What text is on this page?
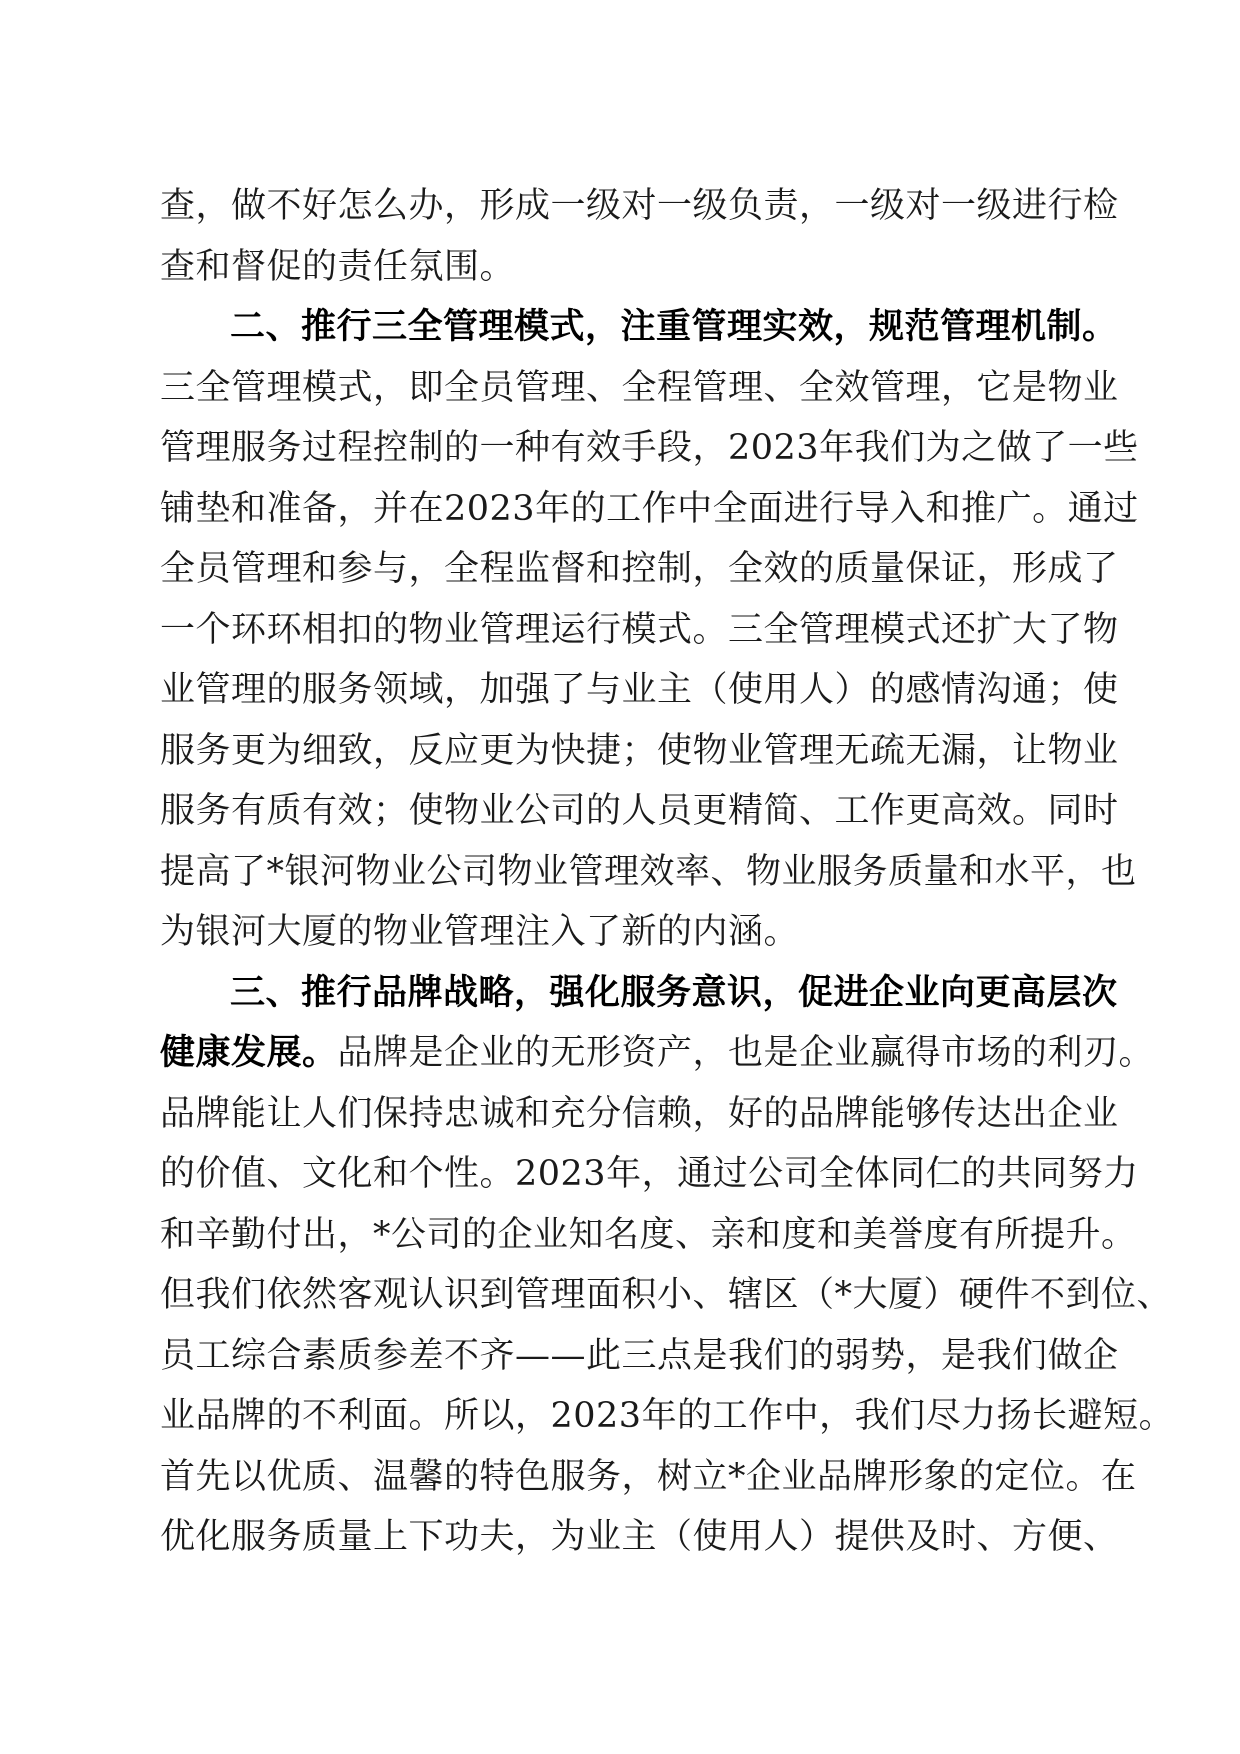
查，做不好怎么办，形成一级对一级负责，一级对一级进行检
查和督促的责任氛围。
二、推行三全管理模式，注重管理实效，规范管理机制。
三全管理模式，即全员管理、全程管理、全效管理，它是物业
管理服务过程控制的一种有效手段，2023年我们为之做了一些
铺垫和准备，并在2023年的工作中全面进行导入和推广。通过
全员管理和参与，全程监督和控制，全效的质量保证，形成了
一个环环相扣的物业管理运行模式。三全管理模式还扩大了物
业管理的服务领域，加强了与业主（使用人）的感情沟通；使
服务更为细致，反应更为快捷；使物业管理无疏无漏，让物业
服务有质有效；使物业公司的人员更精简、工作更高效。同时
提高了*银河物业公司物业管理效率、物业服务质量和水平，也
为银河大厦的物业管理注入了新的内涵。
三、推行品牌战略，强化服务意识，促进企业向更高层次
健康发展。品牌是企业的无形资产，也是企业赢得市场的利刃。
品牌能让人们保持忠诚和充分信赖，好的品牌能够传达出企业
的价值、文化和个性。2023年，通过公司全体同仁的共同努力
和辛勤付出，*公司的企业知名度、亲和度和美誉度有所提升。
但我们依然客观认识到管理面积小、辖区（*大厦）硬件不到位、
员工综合素质参差不齐——此三点是我们的弱势，是我们做企
业品牌的不利面。所以，2023年的工作中，我们尽力扬长避短。
首先以优质、温馨的特色服务，树立*企业品牌形象的定位。在
优化服务质量上下功夫，为业主（使用人）提供及时、方便、
